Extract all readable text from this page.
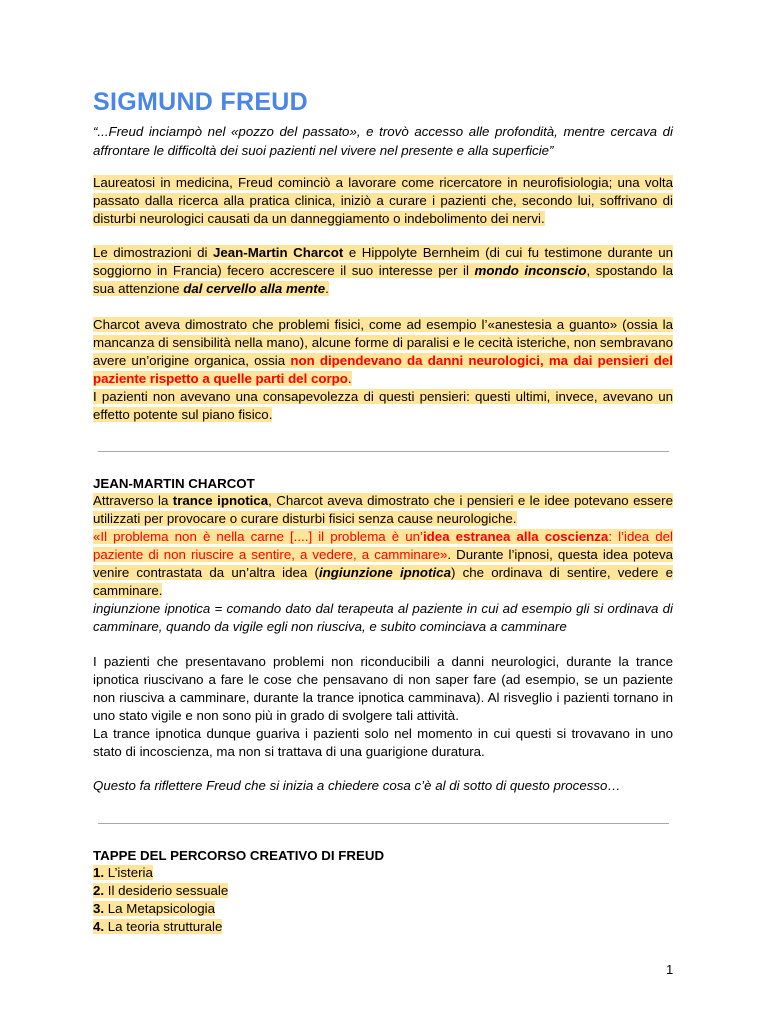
SIGMUND FREUD
“...Freud inciampò nel «pozzo del passato», e trovò accesso alle profondità, mentre cercava di affrontare le difficoltà dei suoi pazienti nel vivere nel presente e alla superficie”
Laureatosi in medicina, Freud cominciò a lavorare come ricercatore in neurofisiologia; una volta passato dalla ricerca alla pratica clinica, iniziò a curare i pazienti che, secondo lui, soffrivano di disturbi neurologici causati da un danneggiamento o indebolimento dei nervi.
Le dimostrazioni di Jean-Martin Charcot e Hippolyte Bernheim (di cui fu testimone durante un soggiorno in Francia) fecero accrescere il suo interesse per il mondo inconscio, spostando la sua attenzione dal cervello alla mente.
Charcot aveva dimostrato che problemi fisici, come ad esempio l’«anestesia a guanto» (ossia la mancanza di sensibilità nella mano), alcune forme di paralisi e le cecità isteriche, non sembravano avere un’origine organica, ossia non dipendevano da danni neurologici, ma dai pensieri del paziente rispetto a quelle parti del corpo.
I pazienti non avevano una consapevolezza di questi pensieri: questi ultimi, invece, avevano un effetto potente sul piano fisico.
JEAN-MARTIN CHARCOT
Attraverso la trance ipnotica, Charcot aveva dimostrato che i pensieri e le idee potevano essere utilizzati per provocare o curare disturbi fisici senza cause neurologiche.
«Il problema non è nella carne [....] il problema è un’idea estranea alla coscienza: l’idea del paziente di non riuscire a sentire, a vedere, a camminare». Durante l’ipnosi, questa idea poteva venire contrastata da un’altra idea (ingiunzione ipnotica) che ordinava di sentire, vedere e camminare.
ingiunzione ipnotica = comando dato dal terapeuta al paziente in cui ad esempio gli si ordinava di camminare, quando da vigile egli non riusciva, e subito cominciava a camminare
I pazienti che presentavano problemi non riconducibili a danni neurologici, durante la trance ipnotica riuscivano a fare le cose che pensavano di non saper fare (ad esempio, se un paziente non riusciva a camminare, durante la trance ipnotica camminava). Al risveglio i pazienti tornano in uno stato vigile e non sono più in grado di svolgere tali attività.
La trance ipnotica dunque guariva i pazienti solo nel momento in cui questi si trovavano in uno stato di incoscienza, ma non si trattava di una guarigione duratura.
Questo fa riflettere Freud che si inizia a chiedere cosa c’è al di sotto di questo processo…
TAPPE DEL PERCORSO CREATIVO DI FREUD
1. L’isteria
2. Il desiderio sessuale
3. La Metapsicologia
4. La teoria strutturale
1
